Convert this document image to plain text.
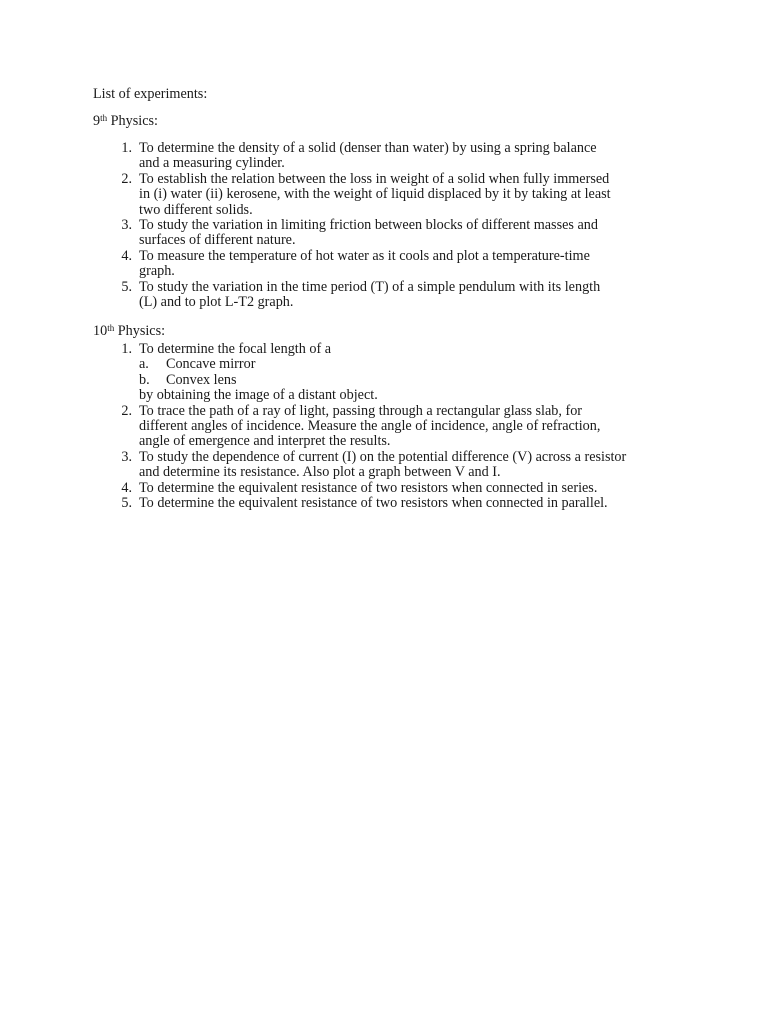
List of experiments:

9th Physics:

1. To determine the density of a solid (denser than water) by using a spring balance
and a measuring cylinder.
2. To establish the relation between the loss in weight of a solid when fully immersed
in (i) water (ii) kerosene, with the weight of liquid displaced by it by taking at least
two different solids.
3. To study the variation in limiting friction between blocks of different masses and
surfaces of different nature.
4. To measure the temperature of hot water as it cools and plot a temperature-time
graph.
5. To study the variation in the time period (T) of a simple pendulum with its length
(L) and to plot L-T2 graph.

10th Physics:

1. To determine the focal length of a
a. Concave mirror
b. Convex lens
by obtaining the image of a distant object.
2. To trace the path of a ray of light, passing through a rectangular glass slab, for
different angles of incidence. Measure the angle of incidence, angle of refraction,
angle of emergence and interpret the results.
3. To study the dependence of current (I) on the potential difference (V) across a resistor
and determine its resistance. Also plot a graph between V and I.
4. To determine the equivalent resistance of two resistors when connected in series.
5. To determine the equivalent resistance of two resistors when connected in parallel.
